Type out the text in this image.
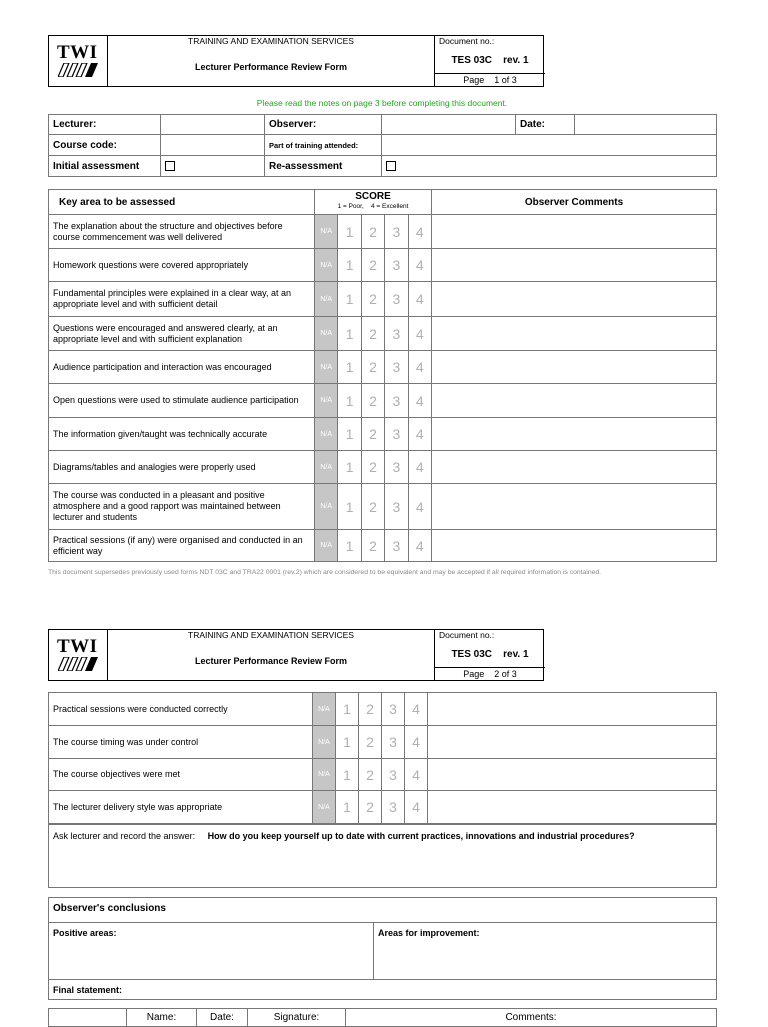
TWI
TRAINING AND EXAMINATION SERVICES
Lecturer Performance Review Form
Document no.:
TES 03C    rev. 1
Page    1 of 3
Please read the notes on page 3 before completing this document.
Lecturer:		Observer:		Date:	
Course code:		Part of training attended:			
Initial assessment		Re-assessment			
Key area to be assessed	SCORE
1 = Poor,    4 = Excellent					Observer Comments
The explanation about the structure and objectives before course commencement was well delivered	N/A	1	2	3	4	
Homework questions were covered appropriately	N/A	1	2	3	4	
Fundamental principles were explained in a clear way, at an appropriate level and with sufficient detail	N/A	1	2	3	4	
Questions were encouraged and answered clearly, at an appropriate level and with sufficient explanation	N/A	1	2	3	4	
Audience participation and interaction was encouraged	N/A	1	2	3	4	
Open questions were used to stimulate audience participation	N/A	1	2	3	4	
The information given/taught was technically accurate	N/A	1	2	3	4	
Diagrams/tables and analogies were properly used	N/A	1	2	3	4	
The course was conducted in a pleasant and positive atmosphere and a good rapport was maintained between lecturer and students	N/A	1	2	3	4	
Practical sessions (if any) were organised and conducted in an efficient way	N/A	1	2	3	4	
This document supersedes previously used forms NDT 03C and TRA22 0001 (rev.2) which are considered to be equivalent and may be accepted if all required information is contained.
TWI
TRAINING AND EXAMINATION SERVICES
Lecturer Performance Review Form
Document no.:
TES 03C    rev. 1
Page    2 of 3
Practical sessions were conducted correctly	N/A	1	2	3	4	
The course timing was under control	N/A	1	2	3	4	
The course objectives were met	N/A	1	2	3	4	
The lecturer delivery style was appropriate	N/A	1	2	3	4	
Ask lecturer and record the answer: How do you keep yourself up to date with current practices, innovations and industrial procedures?
Observer's conclusions
Positive areas:	Areas for improvement:
Final statement:
	Name:	Date:	Signature:	Comments:
